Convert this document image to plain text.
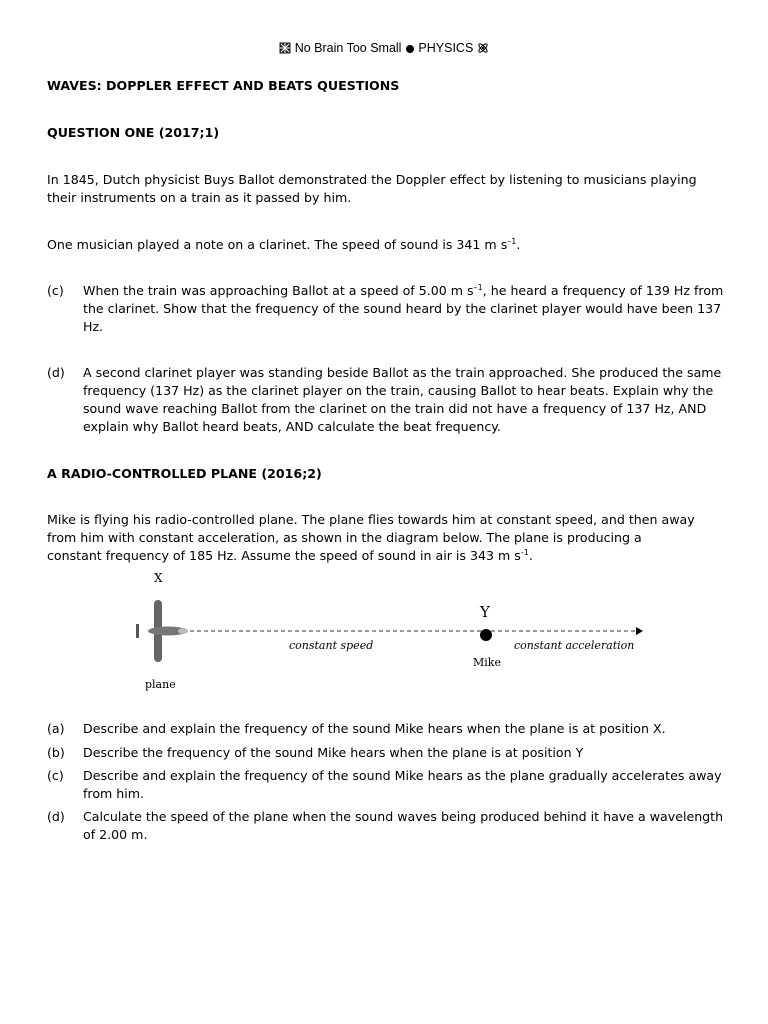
No Brain Too Small PHYSICS
WAVES: DOPPLER EFFECT AND BEATS QUESTIONS
QUESTION ONE (2017;1)
In 1845, Dutch physicist Buys Ballot demonstrated the Doppler effect by listening to musicians playing their instruments on a train as it passed by him.
One musician played a note on a clarinet. The speed of sound is 341 m $s^{-1}$.
(c) When the train was approaching Ballot at a speed of 5.00 m $s^{-1}$, he heard a frequency of 139 Hz from the clarinet. Show that the frequency of the sound heard by the clarinet player would have been 137 Hz.
(d) A second clarinet player was standing beside Ballot as the train approached. She produced the same frequency (137 Hz) as the clarinet player on the train, causing Ballot to hear beats. Explain why the sound wave reaching Ballot from the clarinet on the train did not have a frequency of 137 Hz, AND explain why Ballot heard beats, AND calculate the beat frequency.
A RADIO-CONTROLLED PLANE (2016;2)
Mike is flying his radio-controlled plane. The plane flies towards him at constant speed, and then away
from him with constant acceleration, as shown in the diagram below. The plane is producing a
constant frequency of 185 Hz. Assume the speed of sound in air is 343 m $s^{-1}$.
X
Y
constant speed	constant acceleration
Mike
plane
(a) Describe and explain the frequency of the sound Mike hears when the plane is at position X.
(b) Describe the frequency of the sound Mike hears when the plane is at position Y
(c) Describe and explain the frequency of the sound Mike hears as the plane gradually accelerates away from him.
(d) Calculate the speed of the plane when the sound waves being produced behind it have a wavelength of 2.00 m.
